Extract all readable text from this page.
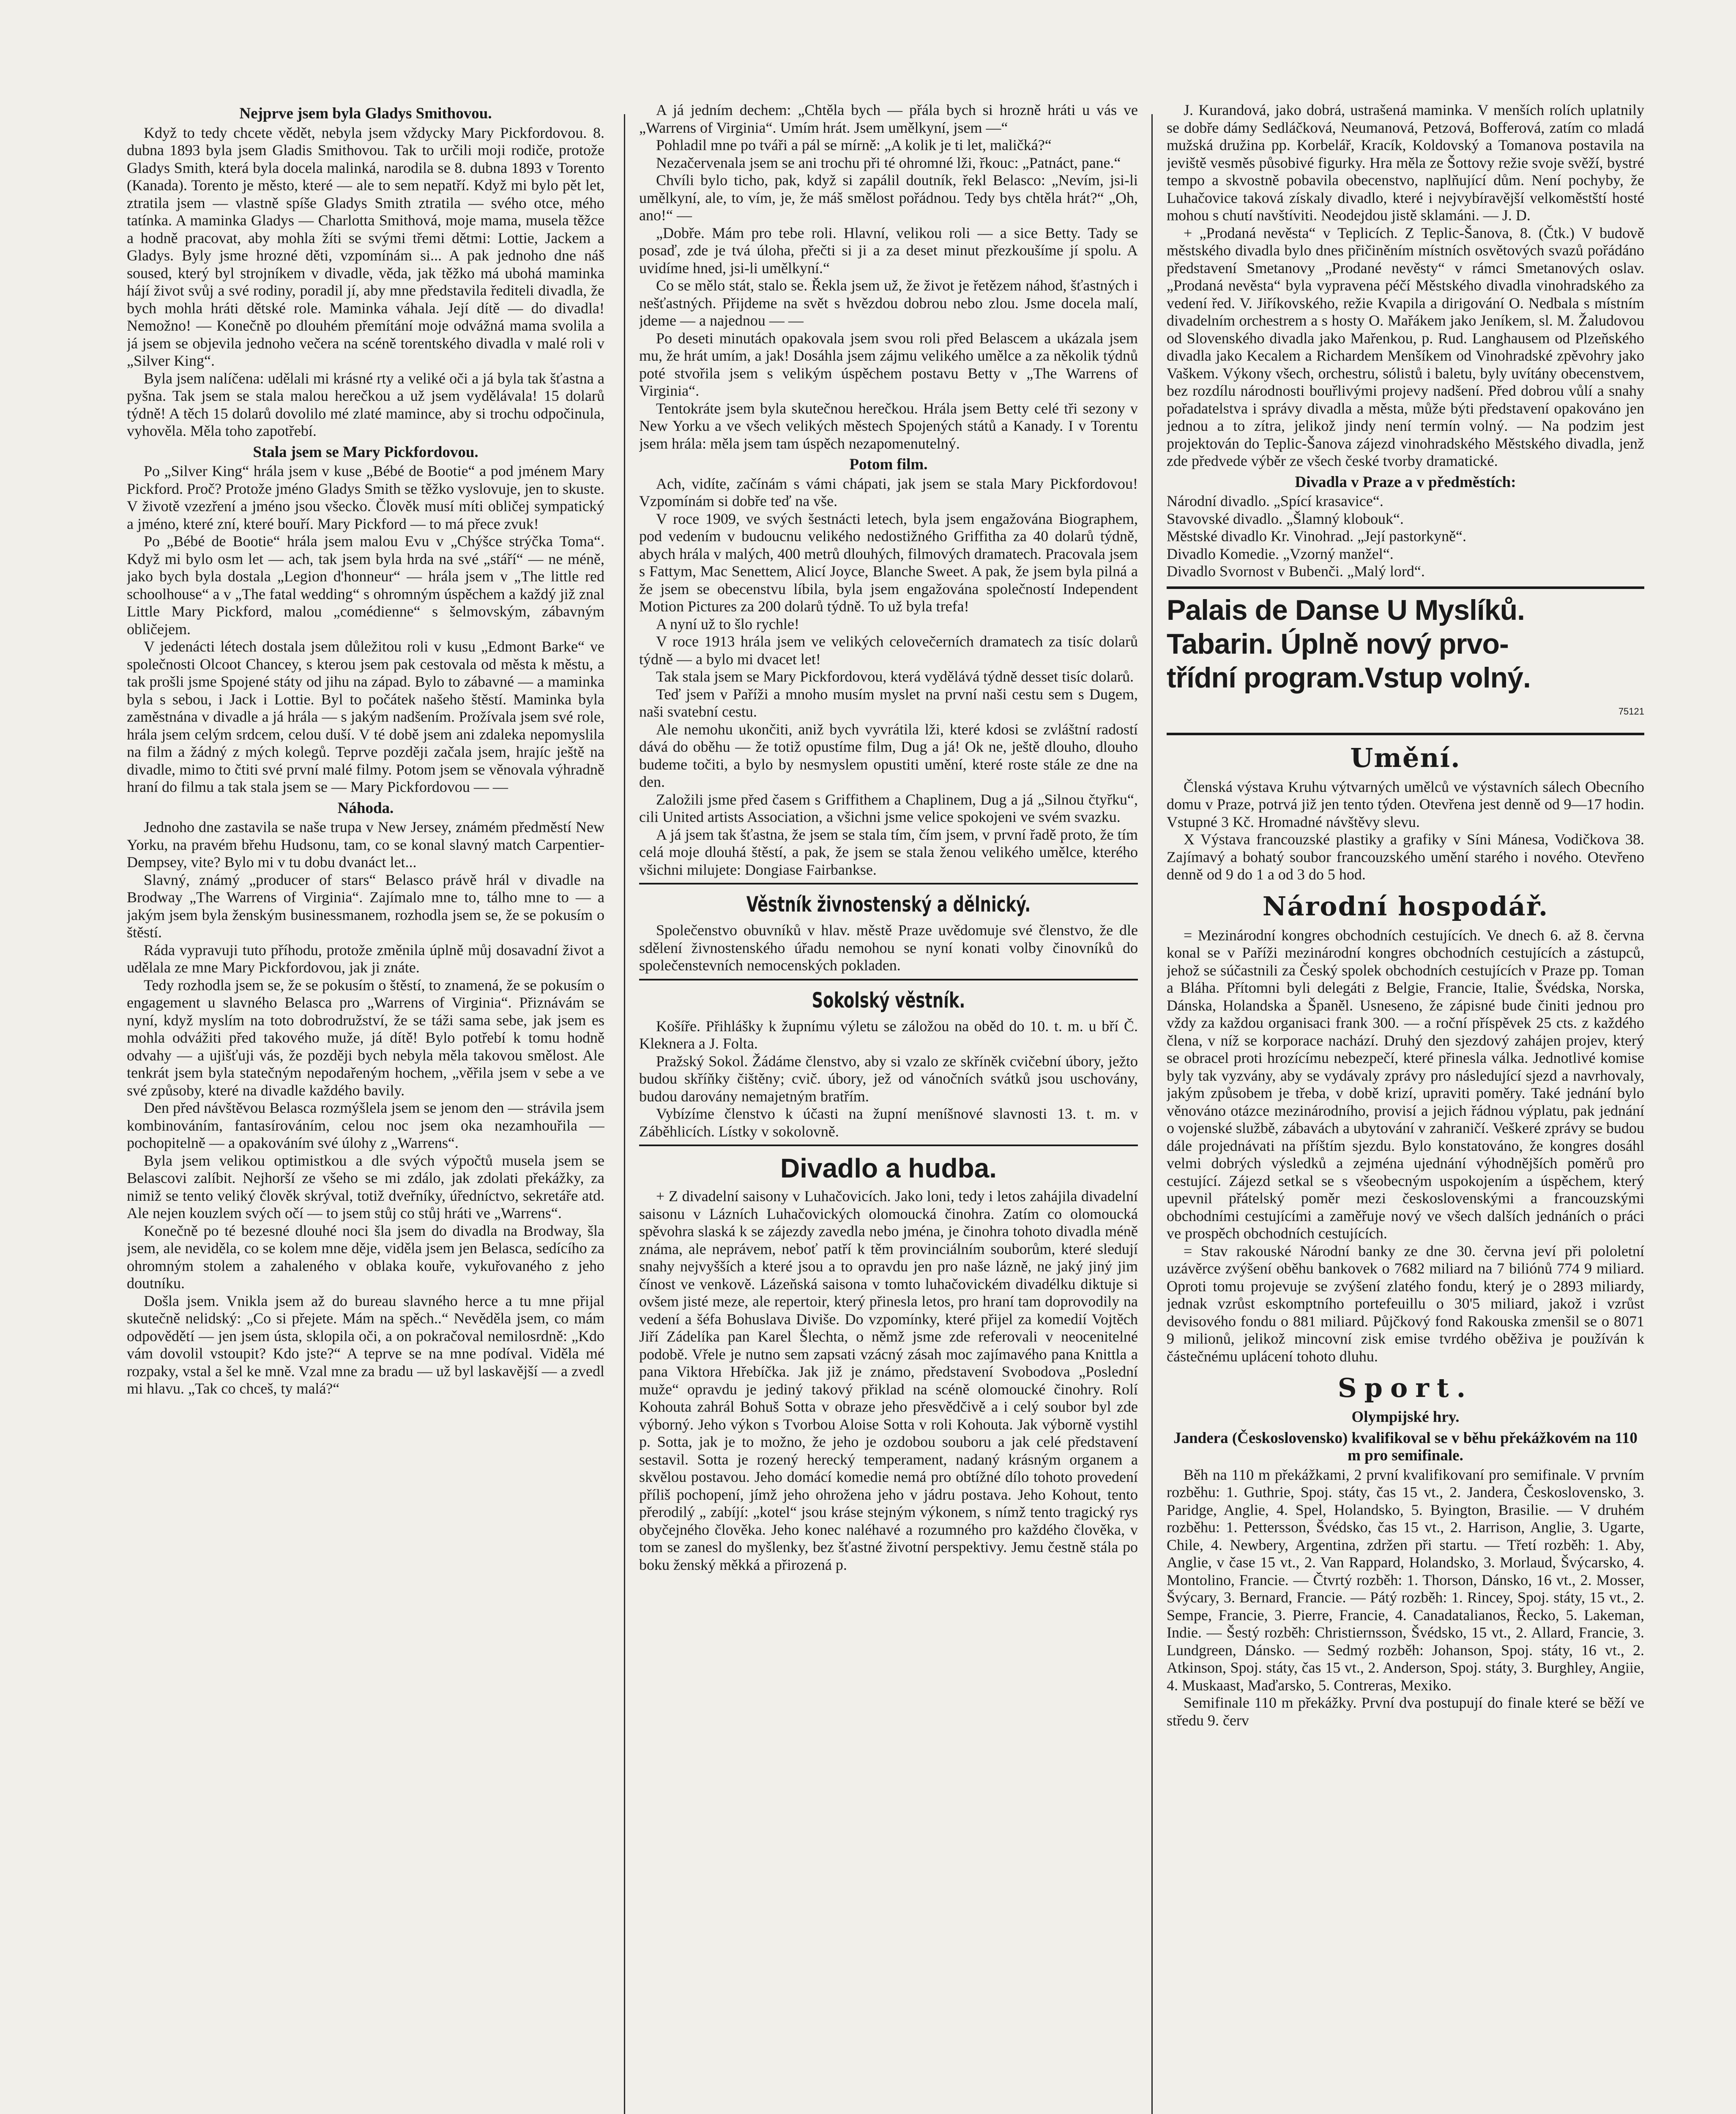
Nejprve jsem byla Gladys Smithovou.

Když to tedy chcete vědět, nebyla jsem vždycky Mary Pickfordovou. 8. dubna 1893 byla jsem Gladis Smithovou. Tak to určili moji rodiče, protože Gladys Smith, která byla docela malinká, narodila se 8. dubna 1893 v Torento (Kanada). Torento je město, které — ale to sem nepatří. Když mi bylo pět let, ztratila jsem — vlastně spíše Gladys Smith ztratila — svého otce, mého tatínka. A maminka Gladys — Charlotta Smithová, moje mama, musela těžce a hodně pracovat, aby mohla žíti se svými třemi dětmi: Lottie, Jackem a Gladys. Byly jsme hrozné děti, vzpomínám si... A pak jednoho dne náš soused, který byl strojníkem v divadle, věda, jak těžko má ubohá maminka hájí život svůj a své rodiny, poradil jí, aby mne představila řediteli divadla, že bych mohla hráti dětské role. Maminka váhala. Její dítě — do divadla! Nemožno! — Konečně po dlouhém přemítání moje odvážná mama svolila a já jsem se objevila jednoho večera na scéně torentského divadla v malé roli v „Silver King“.

Byla jsem nalíčena: udělali mi krásné rty a veliké oči a já byla tak šťastna a pyšna. Tak jsem se stala malou herečkou a už jsem vydělávala! 15 dolarů týdně! A těch 15 dolarů dovolilo mé zlaté mamince, aby si trochu odpočinula, vyhověla. Měla toho zapotřebí.

Stala jsem se Mary Pickfordovou.

Po „Silver King“ hrála jsem v kuse „Bébé de Bootie“ a pod jménem Mary Pickford. Proč? Protože jméno Gladys Smith se těžko vyslovuje, jen to skuste. V životě vzezření a jméno jsou všecko. Člověk musí míti obličej sympatický a jméno, které zní, které bouří. Mary Pickford — to má přece zvuk!

Po „Bébé de Bootie“ hrála jsem malou Evu v „Chýšce strýčka Toma“. Když mi bylo osm let — ach, tak jsem byla hrda na své „stáří“ — ne méně, jako bych byla dostala „Legion d'honneur“ — hrála jsem v „The little red schoolhouse“ a v „The fatal wedding“ s ohromným úspěchem a každý již znal Little Mary Pickford, malou „comédienne“ s šelmovským, zábavným obličejem.

V jedenácti létech dostala jsem důležitou roli v kusu „Edmont Barke“ ve společnosti Olcoot Chancey, s kterou jsem pak cestovala od města k městu, a tak prošli jsme Spojené státy od jihu na západ. Bylo to zábavné — a maminka byla s sebou, i Jack i Lottie. Byl to počátek našeho štěstí. Maminka byla zaměstnána v divadle a já hrála — s jakým nadšením. Prožívala jsem své role, hrála jsem celým srdcem, celou duší. V té době jsem ani zdaleka nepomyslila na film a žádný z mých kolegů. Teprve později začala jsem, hrajíc ještě na divadle, mimo to čtiti své první malé filmy. Potom jsem se věnovala výhradně hraní do filmu a tak stala jsem se — Mary Pickfordovou — —

Náhoda.

Jednoho dne zastavila se naše trupa v New Jersey, známém předměstí New Yorku, na pravém břehu Hudsonu, tam, co se konal slavný match Carpentier-Dempsey, vite? Bylo mi v tu dobu dvanáct let...

Slavný, známý „producer of stars“ Belasco právě hrál v divadle na Brodway „The Warrens of Virginia“. Zajímalo mne to, tálho mne to — a jakým jsem byla ženským businessmanem, rozhodla jsem se, že se pokusím o štěstí.

Ráda vypravuji tuto příhodu, protože změnila úplně můj dosavadní život a udělala ze mne Mary Pickfordovou, jak ji znáte.

Tedy rozhodla jsem se, že se pokusím o štěstí, to znamená, že se pokusím o engagement u slavného Belasca pro „Warrens of Virginia“. Přiznávám se nyní, když myslím na toto dobrodružství, že se táži sama sebe, jak jsem es mohla odvážiti před takového muže, já dítě! Bylo potřebí k tomu hodně odvahy — a ujišťuji vás, že později bych nebyla měla takovou smělost. Ale tenkrát jsem byla statečným nepodařeným hochem, „věřila jsem v sebe a ve své způsoby, které na divadle každého bavily.

Den před návštěvou Belasca rozmýšlela jsem se jenom den — strávila jsem kombinováním, fantasírováním, celou noc jsem oka nezamhouřila — pochopitelně — a opakováním své úlohy z „Warrens“.

Byla jsem velikou optimistkou a dle svých výpočtů musela jsem se Belascovi zalíbit. Nejhorší ze všeho se mi zdálo, jak zdolati překážky, za nimiž se tento veliký člověk skrýval, totiž dveřníky, úředníctvo, sekretáře atd. Ale nejen kouzlem svých očí — to jsem stůj co stůj hráti ve „Warrens“.

Konečně po té bezesné dlouhé noci šla jsem do divadla na Brodway, šla jsem, ale neviděla, co se kolem mne děje, viděla jsem jen Belasca, sedícího za ohromným stolem a zahaleného v oblaka kouře, vykuřovaného z jeho doutníku.

Došla jsem. Vnikla jsem až do bureau slavného herce a tu mne přijal skutečně nelidský: „Co si přejete. Mám na spěch..“ Nevěděla jsem, co mám odpovědětí — jen jsem ústa, sklopila oči, a on pokračoval nemilosrdně: „Kdo vám dovolil vstoupit? Kdo jste?“ A teprve se na mne podíval. Viděla mé rozpaky, vstal a šel ke mně. Vzal mne za bradu — už byl laskavější — a zvedl mi hlavu. „Tak co chceš, ty malá?“

A já jedním dechem: „Chtěla bych — přála bych si hrozně hráti u vás ve „Warrens of Virginia“. Umím hrát. Jsem umělkyní, jsem —“

Pohladil mne po tváři a pál se mírně: „A kolik je ti let, maličká?“

Nezačervenala jsem se ani trochu při té ohromné lži, řkouc: „Patnáct, pane.“

Chvíli bylo ticho, pak, když si zapálil doutník, řekl Belasco: „Nevím, jsi-li umělkyní, ale, to vím, je, že máš smělost pořádnou. Tedy bys chtěla hrát?“ „Oh, ano!“ —

„Dobře. Mám pro tebe roli. Hlavní, velikou roli — a sice Betty. Tady se posaď, zde je tvá úloha, přečti si ji a za deset minut přezkoušíme jí spolu. A uvidíme hned, jsi-li umělkyní.“

Co se mělo stát, stalo se. Řekla jsem už, že život je řetězem náhod, šťastných i nešťastných. Přijdeme na svět s hvězdou dobrou nebo zlou. Jsme docela malí, jdeme — a najednou — —

Po deseti minutách opakovala jsem svou roli před Belascem a ukázala jsem mu, že hrát umím, a jak! Dosáhla jsem zájmu velikého umělce a za několik týdnů poté stvořila jsem s velikým úspěchem postavu Betty v „The Warrens of Virginia“.

Tentokráte jsem byla skutečnou herečkou. Hrála jsem Betty celé tři sezony v New Yorku a ve všech velikých městech Spojených států a Kanady. I v Torentu jsem hrála: měla jsem tam úspěch nezapomenutelný.

Potom film.

Ach, vidíte, začínám s vámi chápati, jak jsem se stala Mary Pickfordovou! Vzpomínám si dobře teď na vše.

V roce 1909, ve svých šestnácti letech, byla jsem engažována Biographem, pod vedením v budoucnu velikého nedostižného Griffitha za 40 dolarů týdně, abych hrála v malých, 400 metrů dlouhých, filmových dramatech. Pracovala jsem s Fattym, Mac Senettem, Alicí Joyce, Blanche Sweet. A pak, že jsem byla pilná a že jsem se obecenstvu líbila, byla jsem engažována společností Independent Motion Pictures za 200 dolarů týdně. To už byla trefa!

A nyní už to šlo rychle!

V roce 1913 hrála jsem ve velikých celovečerních dramatech za tisíc dolarů týdně — a bylo mi dvacet let!

Tak stala jsem se Mary Pickfordovou, která vydělává týdně desset tisíc dolarů.

Teď jsem v Paříži a mnoho musím myslet na první naši cestu sem s Dugem, naši svatební cestu.

Ale nemohu ukončiti, aniž bych vyvrátila lži, které kdosi se zvláštní radostí dává do oběhu — že totiž opustíme film, Dug a já! Ok ne, ještě dlouho, dlouho budeme točiti, a bylo by nesmyslem opustiti umění, které roste stále ze dne na den.

Založili jsme před časem s Griffithem a Chaplinem, Dug a já „Silnou čtyřku“, cili United artists Association, a všichni jsme velice spokojeni ve svém svazku.

A já jsem tak šťastna, že jsem se stala tím, čím jsem, v první řadě proto, že tím celá moje dlouhá štěstí, a pak, že jsem se stala ženou velikého umělce, kterého všichni milujete: Dongiase Fairbankse.

Věstník živnostenský a dělnický.

Společenstvo obuvníků v hlav. městě Praze uvědomuje své členstvo, že dle sdělení živnostenského úřadu nemohou se nyní konati volby činovníků do společenstevních nemocenských pokladen.

Sokolský věstník.

Košíře. Přihlášky k župnímu výletu se záložou na oběd do 10. t. m. u bří Č. Kleknera a J. Folta.

Pražský Sokol. Žádáme členstvo, aby si vzalo ze skříněk cvičební úbory, ježto budou skříňky čištěny; cvič. úbory, jež od vánočních svátků jsou uschovány, budou darovány nemajetným bratřím.

Vybízíme členstvo k účasti na župní meníšnové slavnosti 13. t. m. v Záběhlicích. Lístky v sokolovně.

Divadlo a hudba.

+ Z divadelní saisony v Luhačovicích. Jako loni, tedy i letos zahájila divadelní saisonu v Lázních Luhačovických olomoucká činohra. Zatím co olomoucká spěvohra slaská k se zájezdy zavedla nebo jména, je činohra tohoto divadla méně známa, ale neprávem, neboť patří k těm provinciálním souborům, které sledují snahy nejvyšších a které jsou a to opravdu jen pro naše lázně, ne jaký jiný jim čínost ve venkově. Lázeňská saisona v tomto luhačovickém divadélku diktuje si ovšem jisté meze, ale repertoir, který přinesla letos, pro hraní tam doprovodily na vedení a šéfa Bohuslava Diviše. Do vzpomínky, které přijel za komedií Vojtěch Jiří Zádelíka pan Karel Šlechta, o němž jsme zde referovali v neocenitelné podobě. Vřele je nutno sem zapsati vzácný zásah moc zajímavého pana Knittla a pana Viktora Hřebíčka. Jak již je známo, představení Svobodova „Poslední muže“ opravdu je jediný takový přiklad na scéně olomoucké činohry. Rolí Kohouta zahrál Bohuš Sotta v obraze jeho přesvědčivě a i celý soubor byl zde výborný. Jeho výkon s Tvorbou Aloise Sotta v roli Kohouta. Jak výborně vystihl p. Sotta, jak je to možno, že jeho je ozdobou souboru a jak celé představení sestavil. Sotta je rozený herecký temperament, nadaný krásným organem a skvělou postavou. Jeho domácí komedie nemá pro obtížné dílo tohoto provedení příliš pochopení, jímž jeho ohrožena jeho v jádru postava. Jeho Kohout, tento přerodilý „ zabíjí: „kotel“ jsou kráse stejným výkonem, s nímž tento tragický rys obyčejného člověka. Jeho konec naléhavé a rozumného pro každého člověka, v tom se zanesl do myšlenky, bez šťastné životní perspektivy. Jemu čestně stála po boku ženský měkká a přirozená p.

J. Kurandová, jako dobrá, ustrašená maminka. V menších rolích uplatnily se dobře dámy Sedláčková, Neumanová, Petzová, Bofferová, zatím co mladá mužská družina pp. Korbelář, Kracík, Koldovský a Tomanova postavila na jeviště vesměs působivé figurky. Hra měla ze Šottovy režie svoje svěží, bystré tempo a skvostně pobavila obecenstvo, naplňující dům. Není pochyby, že Luhačovice taková získaly divadlo, které i nejvybíravější velkoměstští hosté mohou s chutí navštíviti. Neodejdou jistě sklamáni. — J. D.

+ „Prodaná nevěsta“ v Teplicích. Z Teplic-Šanova, 8. (Čtk.) V budově městského divadla bylo dnes přičiněním místních osvětových svazů pořádáno představení Smetanovy „Prodané nevěsty“ v rámci Smetanových oslav. „Prodaná nevěsta“ byla vypravena péčí Městského divadla vinohradského za vedení řed. V. Jiříkovského, režie Kvapila a dirigování O. Nedbala s místním divadelním orchestrem a s hosty O. Mařákem jako Jeníkem, sl. M. Žaludovou od Slovenského divadla jako Mařenkou, p. Rud. Langhausem od Plzeňského divadla jako Kecalem a Richardem Menšíkem od Vinohradské zpěvohry jako Vaškem. Výkony všech, orchestru, sólistů i baletu, byly uvítány obecenstvem, bez rozdílu národnosti bouřlivými projevy nadšení. Před dobrou vůlí a snahy pořadatelstva i správy divadla a města, může býti představení opakováno jen jednou a to zítra, jelikož jindy není termín volný. — Na podzim jest projektován do Teplic-Šanova zájezd vinohradského Městského divadla, jenž zde předvede výběr ze všech české tvorby dramatické.

Divadla v Praze a v předměstích:

Národní divadlo. „Spící krasavice“.

Stavovské divadlo. „Šlamný klobouk“.

Městské divadlo Kr. Vinohrad. „Její pastorkyně“.

Divadlo Komedie. „Vzorný manžel“.

Divadlo Svornost v Bubenči. „Malý lord“.

Palais de Danse U Myslíků.
Tabarin. Úplně nový prvo-
třídní program.Vstup volný.
75121
Umění.

Členská výstava Kruhu výtvarných umělců ve výstavních sálech Obecního domu v Praze, potrvá již jen tento týden. Otevřena jest denně od 9—17 hodin. Vstupné 3 Kč. Hromadné návštěvy slevu.

X Výstava francouzské plastiky a grafiky v Síni Mánesa, Vodičkova 38. Zajímavý a bohatý soubor francouzského umění starého i nového. Otevřeno denně od 9 do 1 a od 3 do 5 hod.

Národní hospodář.

= Mezinárodní kongres obchodních cestujících. Ve dnech 6. až 8. června konal se v Paříži mezinárodní kongres obchodních cestujících a zástupců, jehož se súčastnili za Český spolek obchodních cestujících v Praze pp. Toman a Bláha. Přítomni byli delegáti z Belgie, Francie, Italie, Švédska, Norska, Dánska, Holandska a Španěl. Usneseno, že zápisné bude činiti jednou pro vždy za každou organisaci frank 300. — a roční příspěvek 25 cts. z každého člena, v níž se korporace nachází. Druhý den sjezdový zahájen projev, který se obracel proti hrozícímu nebezpečí, které přinesla válka. Jednotlivé komise byly tak vyzvány, aby se vydávaly zprávy pro následující sjezd a navrhovaly, jakým způsobem je třeba, v době krizí, upraviti poměry. Také jednání bylo věnováno otázce mezinárodního, provisí a jejich řádnou výplatu, pak jednání o vojenské službě, zábavách a ubytování v zahraničí. Veškeré zprávy se budou dále projednávati na příštím sjezdu. Bylo konstatováno, že kongres dosáhl velmi dobrých výsledků a zejména ujednání výhodnějších poměrů pro cestující. Zájezd setkal se s všeobecným uspokojením a úspěchem, který upevnil přátelský poměr mezi československými a francouzskými obchodními cestujícími a zaměřuje nový ve všech dalších jednáních o práci ve prospěch obchodních cestujících.

= Stav rakouské Národní banky ze dne 30. června jeví při pololetní uzávěrce zvýšení oběhu bankovek o 7682 miliard na 7 biliónů 774 9 miliard. Oproti tomu projevuje se zvýšení zlatého fondu, který je o 2893 miliardy, jednak vzrůst eskomptního portefeuillu o 30'5 miliard, jakož i vzrůst devisového fondu o 881 miliard. Půjčkový fond Rakouska zmenšil se o 8071 9 milionů, jelikož mincovní zisk emise tvrdého oběživa je používán k částečnému uplácení tohoto dluhu.

Sport.
Olympijské hry.
Jandera (Československo) kvalifikoval se v běhu překážkovém na 110 m pro semifinale.

Běh na 110 m překážkami, 2 první kvalifikovaní pro semifinale. V prvním rozběhu: 1. Guthrie, Spoj. státy, čas 15 vt., 2. Jandera, Československo, 3. Paridge, Anglie, 4. Spel, Holandsko, 5. Byington, Brasilie. — V druhém rozběhu: 1. Pettersson, Švédsko, čas 15 vt., 2. Harrison, Anglie, 3. Ugarte, Chile, 4. Newbery, Argentina, zdržen při startu. — Třetí rozběh: 1. Aby, Anglie, v čase 15 vt., 2. Van Rappard, Holandsko, 3. Morlaud, Švýcarsko, 4. Montolino, Francie. — Čtvrtý rozběh: 1. Thorson, Dánsko, 16 vt., 2. Mosser, Švýcary, 3. Bernard, Francie. — Pátý rozběh: 1. Rincey, Spoj. státy, 15 vt., 2. Sempe, Francie, 3. Pierre, Francie, 4. Canadatalianos, Řecko, 5. Lakeman, Indie. — Šestý rozběh: Christiernsson, Švédsko, 15 vt., 2. Allard, Francie, 3. Lundgreen, Dánsko. — Sedmý rozběh: Johanson, Spoj. státy, 16 vt., 2. Atkinson, Spoj. státy, čas 15 vt., 2. Anderson, Spoj. státy, 3. Burghley, Angiie, 4. Muskaast, Maďarsko, 5. Contreras, Mexiko.

Semifinale 110 m překážky. První dva postupují do finale které se běží ve středu 9. červ
